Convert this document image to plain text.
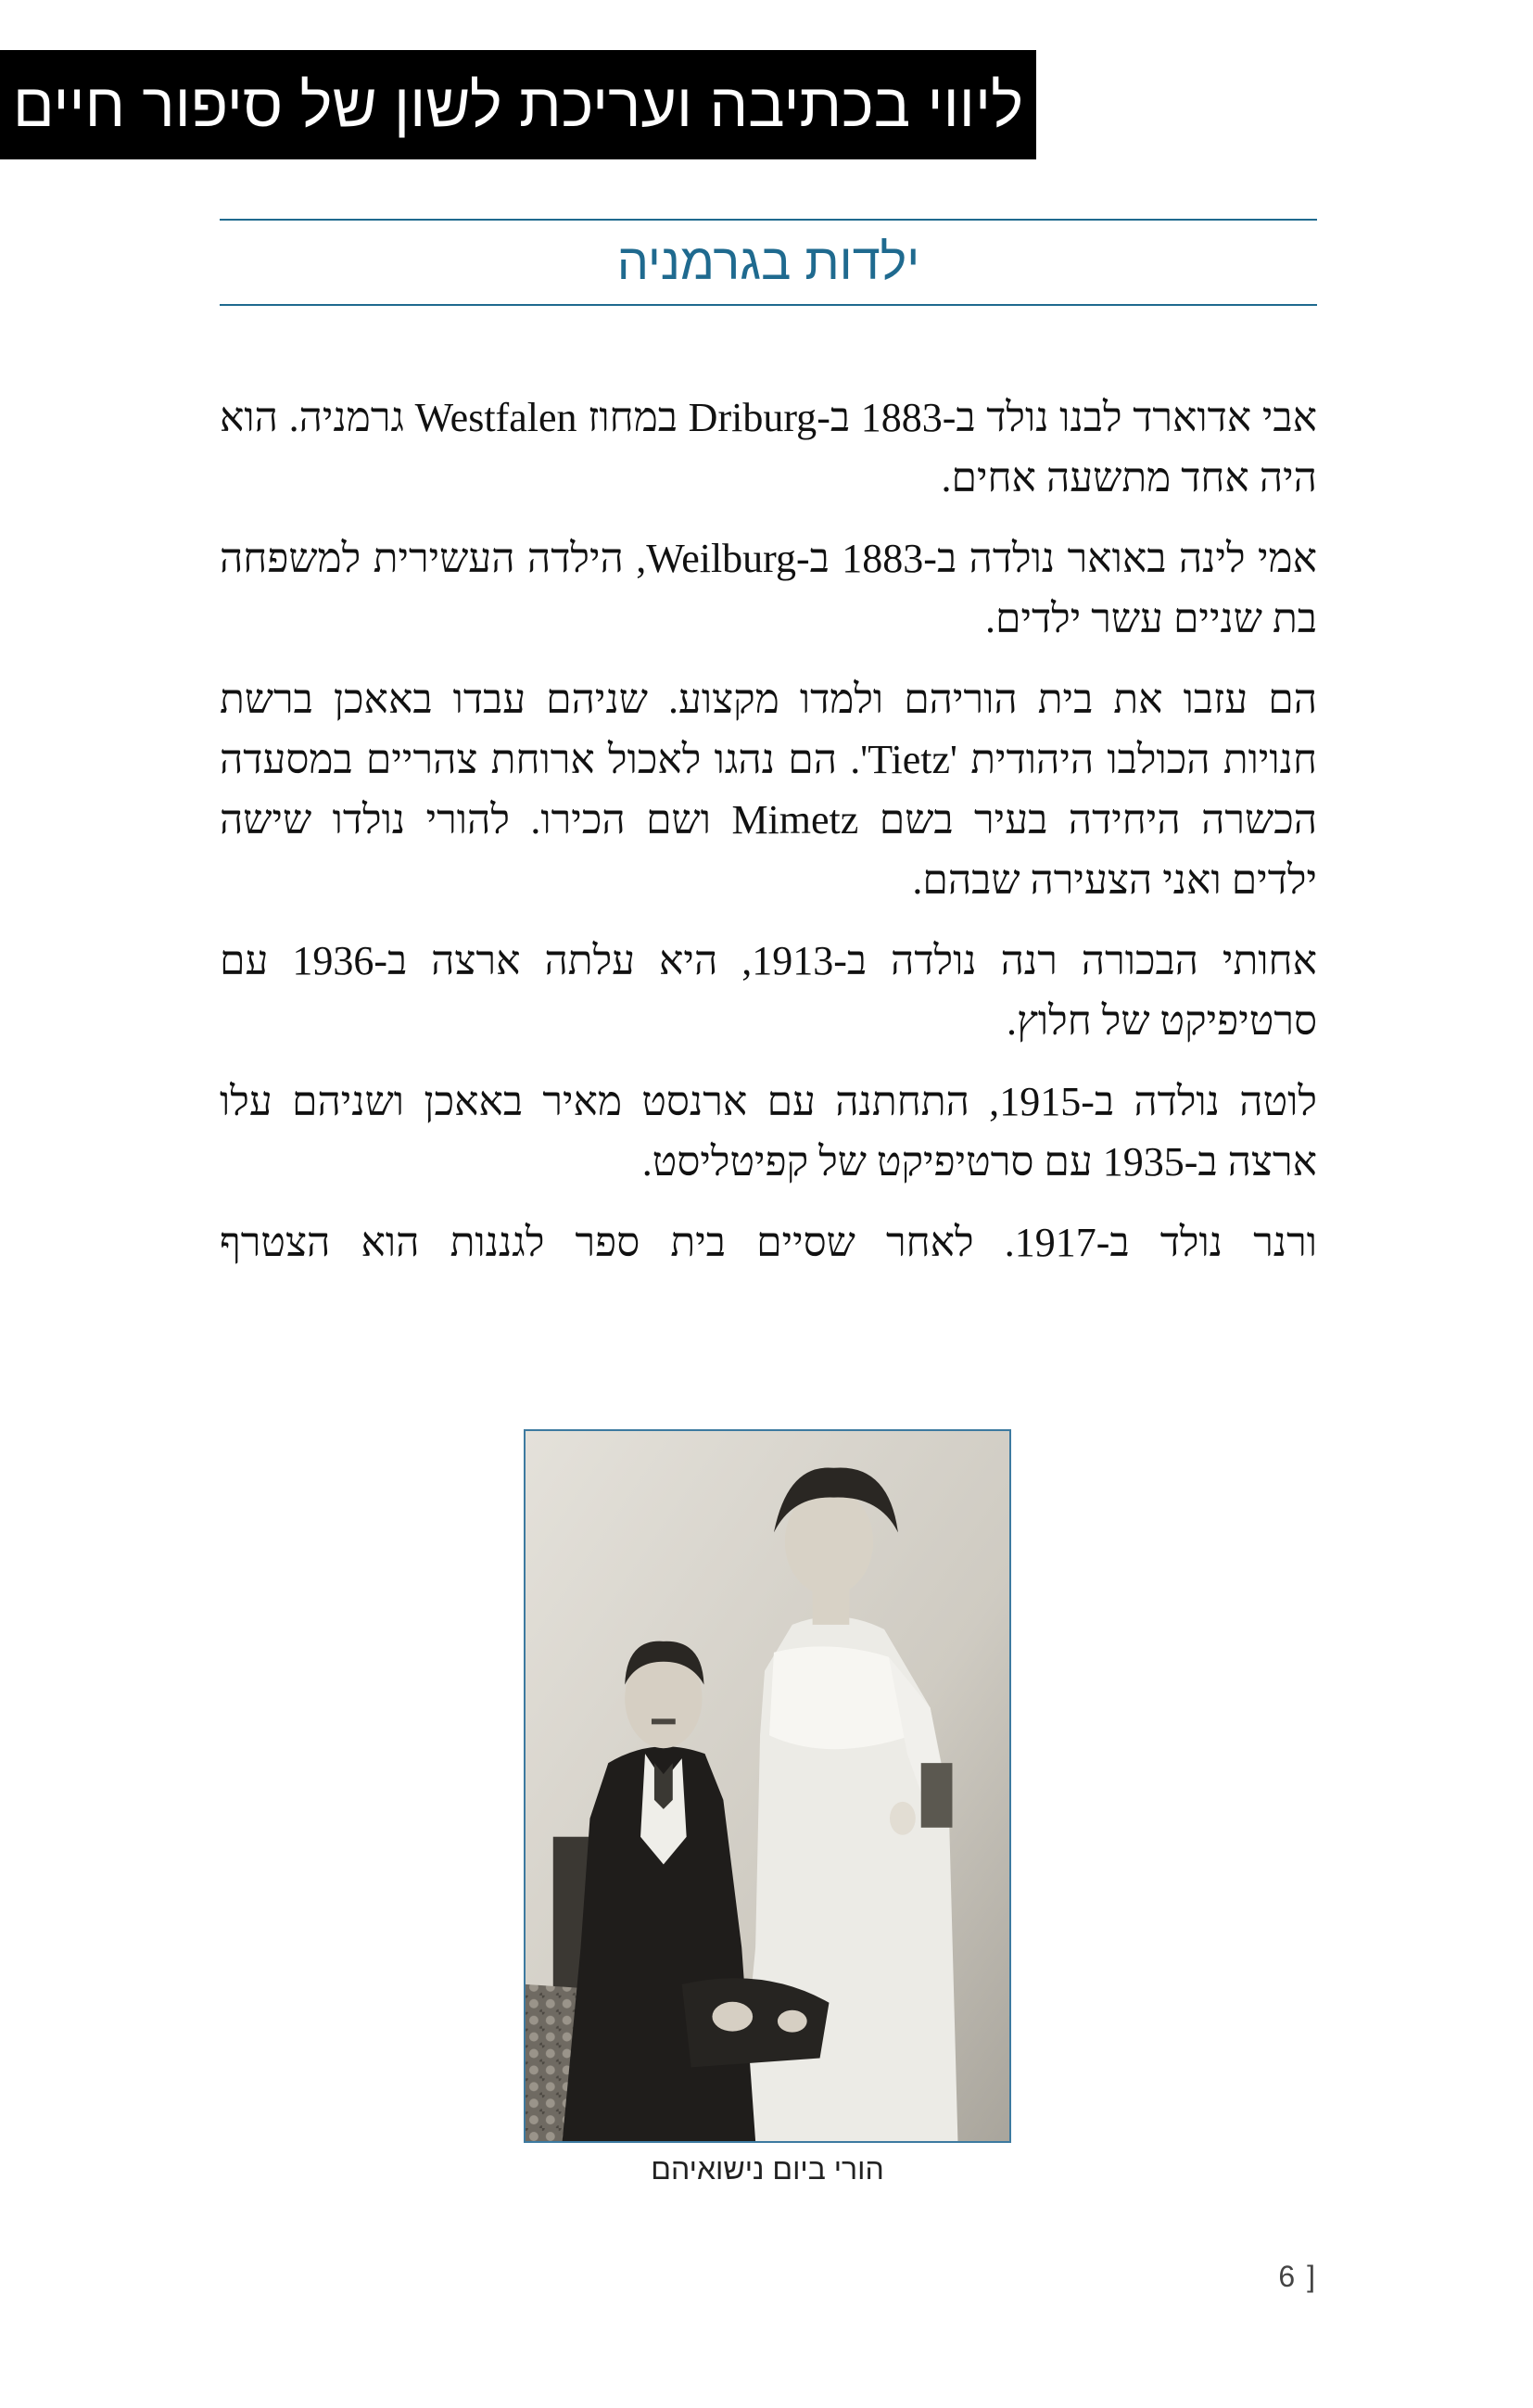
ליווי בכתיבה ועריכת לשון של סיפור חיים
ילדות בגרמניה

אבי אדוארד לבנו נולד ב-1883 ב-Driburg במחוז Westfalen גרמניה. הוא היה אחד מתשעה אחים.

אמי לינה באואר נולדה ב-1883 ב-Weilburg, הילדה העשירית למשפחה בת שניים עשר ילדים.

הם עזבו את בית הוריהם ולמדו מקצוע. שניהם עבדו באאכן ברשת חנויות הכולבו היהודית 'Tietz'. הם נהגו לאכול ארוחת צהריים במסעדה הכשרה היחידה בעיר בשם Mimetz ושם הכירו. להורי נולדו שישה ילדים ואני הצעירה שבהם.

אחותי הבכורה רנה נולדה ב-1913, היא עלתה ארצה ב-1936 עם סרטיפיקט של חלוץ.

לוטה נולדה ב-1915, התחתנה עם ארנסט מאיר באאכן ושניהם עלו ארצה ב-1935 עם סרטיפיקט של קפיטליסט.

ורנר נולד ב-1917. לאחר שסיים בית ספר לגננות הוא הצטרף

הורי ביום נישואיהם
6 ]
